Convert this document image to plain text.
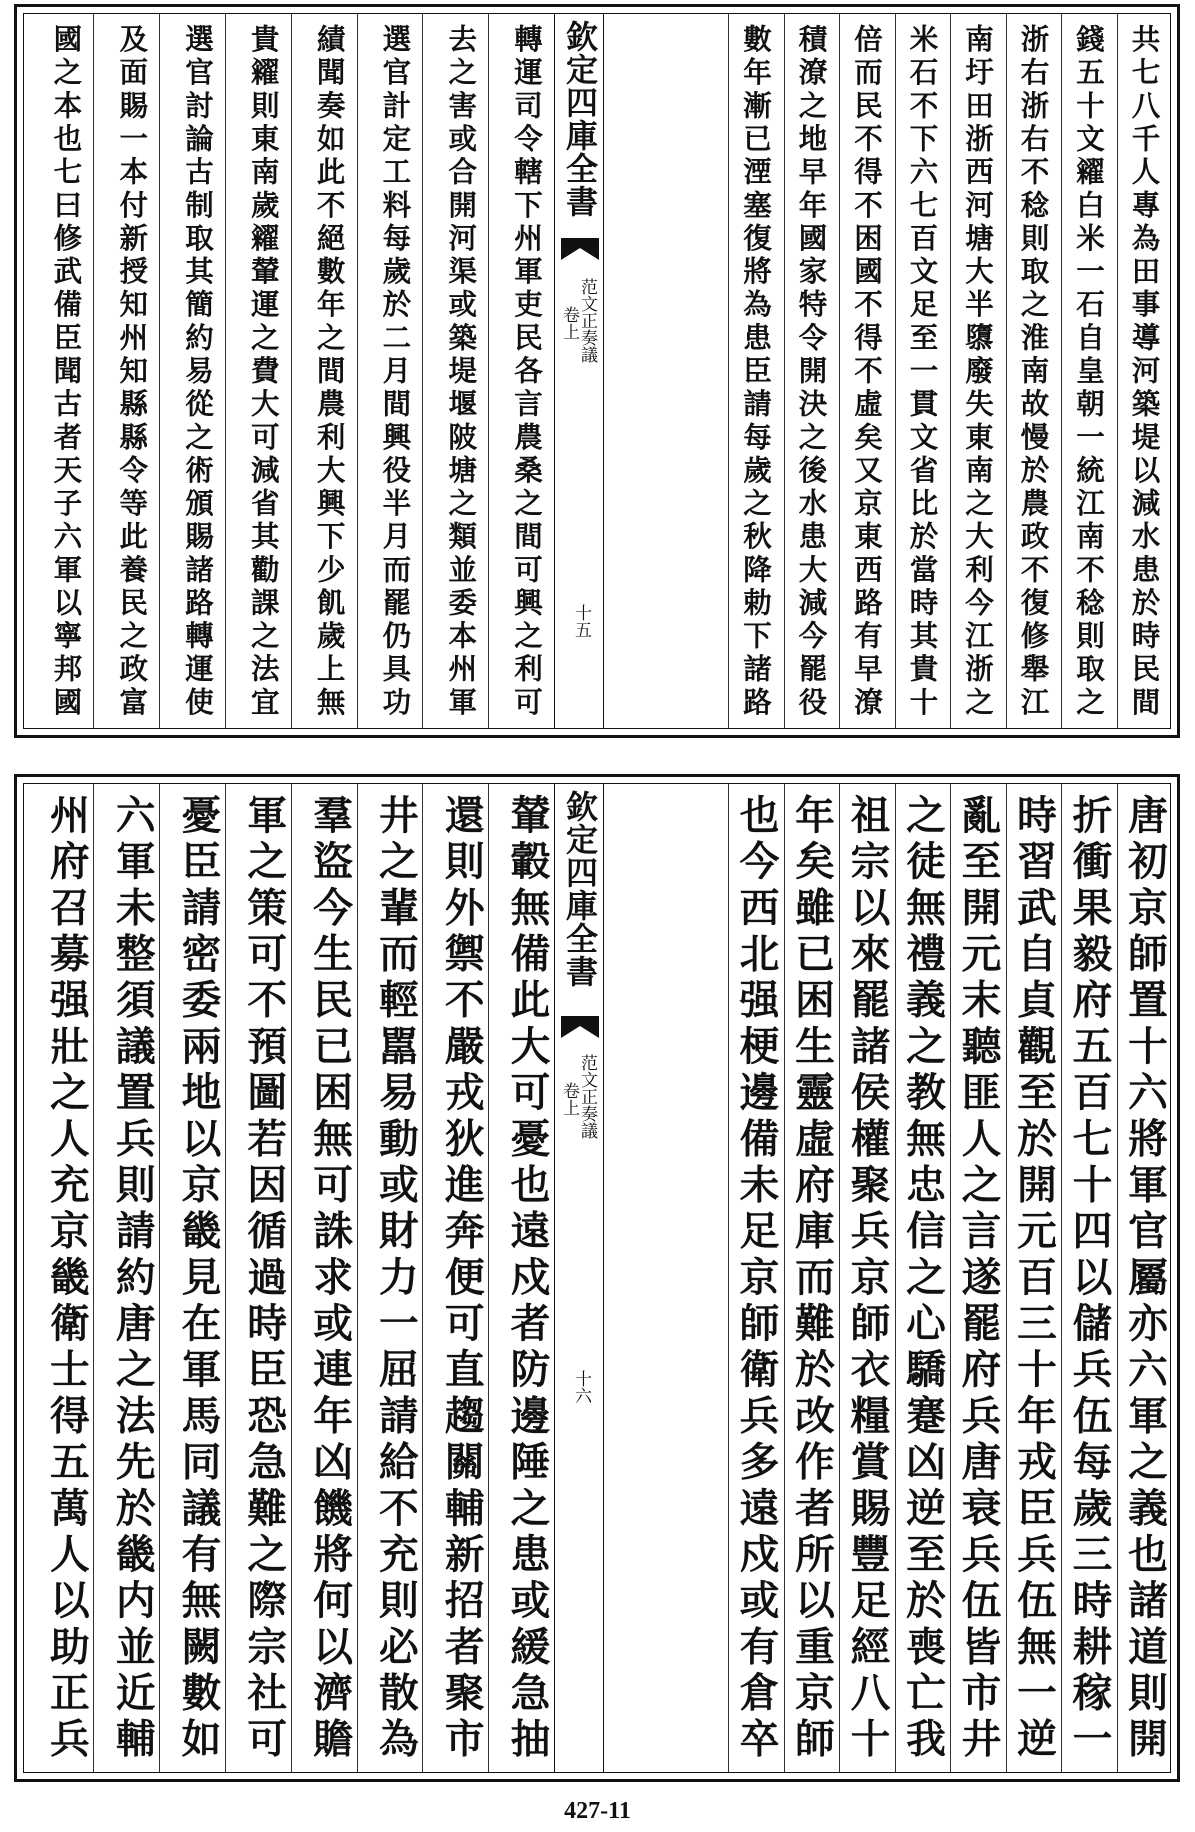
共七八千人專為田事導河築堤以減水患於時民間
錢五十文糴白米一石自皇朝一統江南不稔則取之
浙右浙右不稔則取之淮南故慢於農政不復修舉江
南圩田浙西河塘大半隳廢失東南之大利今江浙之
米石不下六七百文足至一貫文省比於當時其貴十
倍而民不得不困國不得不虛矣又京東西路有早潦
積潦之地早年國家特令開決之後水患大減今罷役
數年漸已湮塞復將為患臣請每歲之秋降勅下諸路
轉運司令轄下州軍吏民各言農桑之間可興之利可
去之害或合開河渠或築堤堰陂塘之類並委本州軍
選官計定工料每歲於二月間興役半月而罷仍具功
績聞奏如此不絕數年之間農利大興下少飢歲上無
貴糴則東南歲糴輦運之費大可減省其勸課之法宜
選官討論古制取其簡約易從之術頒賜諸路轉運使
及面賜一本付新授知州知縣縣令等此養民之政富
國之本也七曰修武備臣聞古者天子六軍以寧邦國	欽定四庫全書
范文正奏議
卷上
十五
唐初京師置十六將軍官屬亦六軍之義也諸道則開
折衝果毅府五百七十四以儲兵伍每歲三時耕稼一
時習武自貞觀至於開元百三十年戎臣兵伍無一逆
亂至開元末聽匪人之言遂罷府兵唐衰兵伍皆市井
之徒無禮義之教無忠信之心驕蹇凶逆至於喪亡我
祖宗以來罷諸侯權聚兵京師衣糧賞賜豐足經八十
年矣雖已困生靈虛府庫而難於改作者所以重京師
也今西北强梗邊備未足京師衛兵多遠戍或有倉卒
輦轂無備此大可憂也遠戍者防邊陲之患或緩急抽
還則外禦不嚴戎狄進奔便可直趨關輔新招者聚市
井之輩而輕嚚易動或財力一屈請給不充則必散為
羣盜今生民已困無可誅求或連年凶饑將何以濟贍
軍之策可不預圖若因循過時臣恐急難之際宗社可
憂臣請密委兩地以京畿見在軍馬同議有無闕數如
六軍未整須議置兵則請約唐之法先於畿内並近輔
州府召募强壯之人充京畿衛士得五萬人以助正兵	欽定四庫全書
范文正奏議
卷上
十六
427-11
